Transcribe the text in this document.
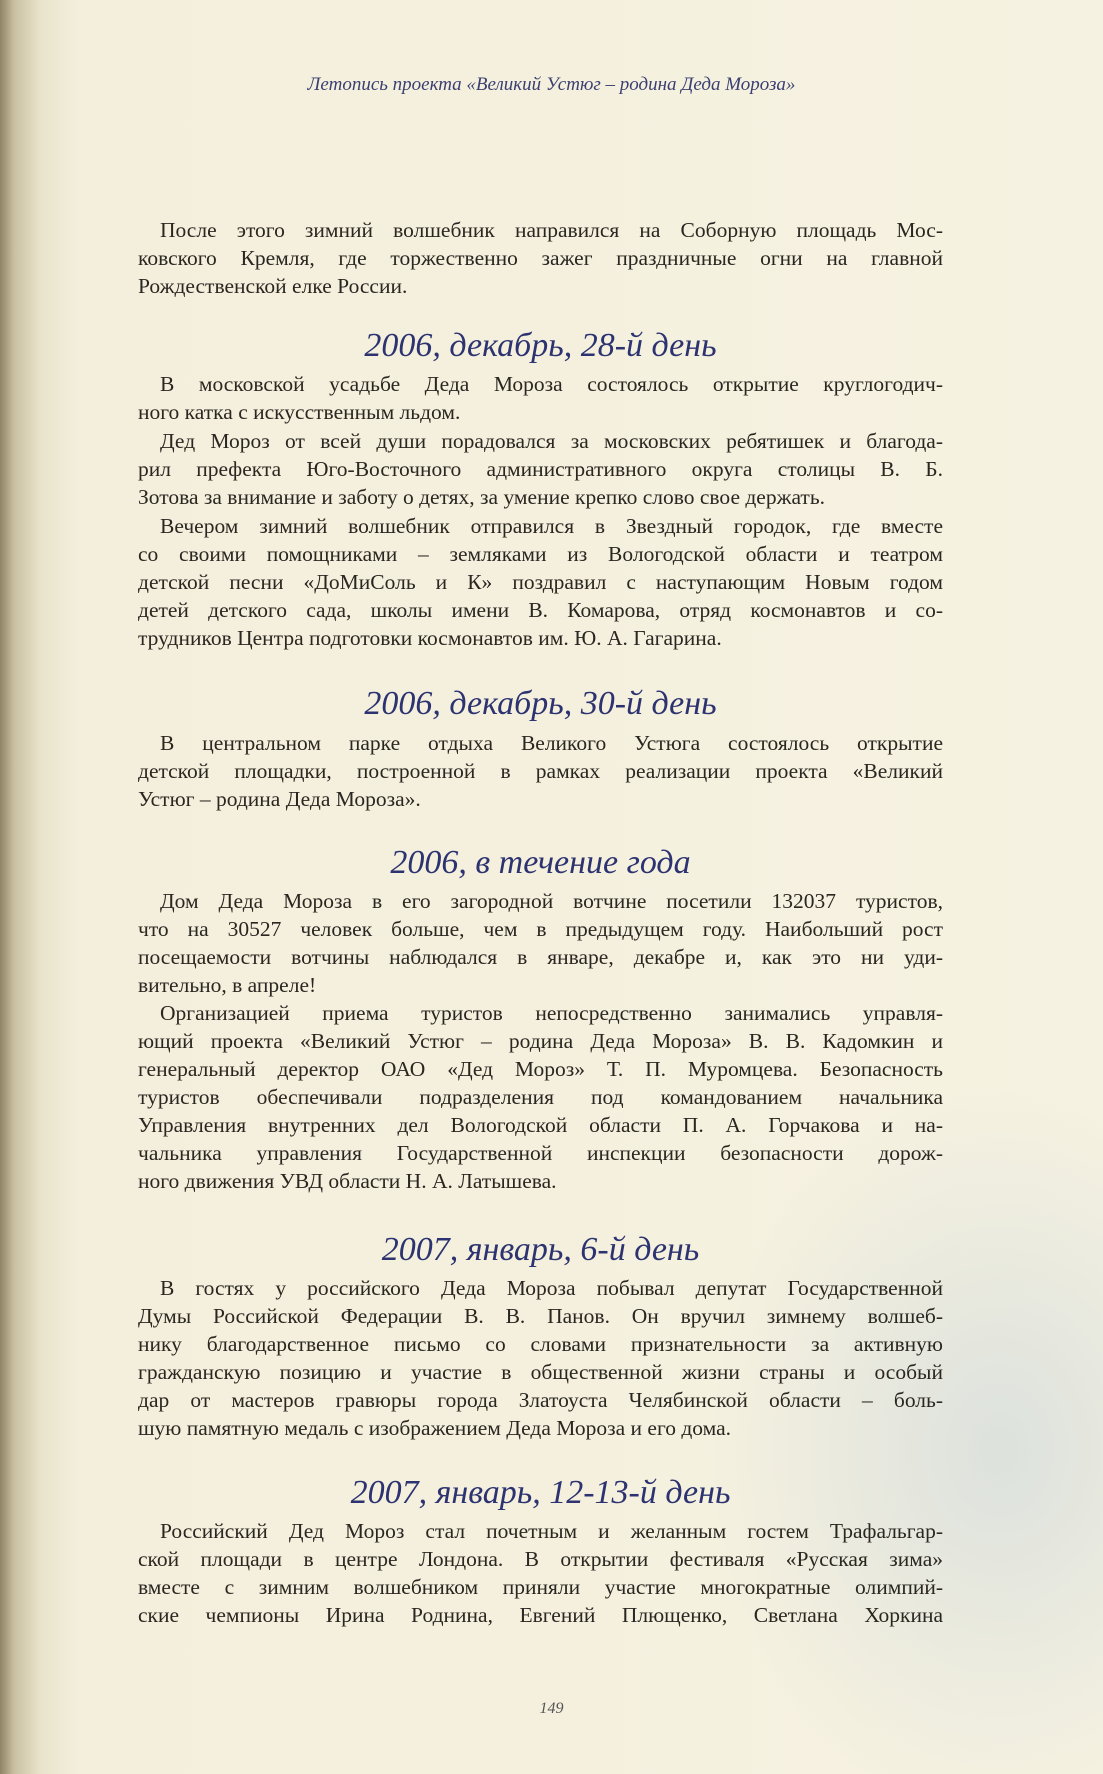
Летопись проекта «Великий Устюг – родина Деда Мороза»
После этого зимний волшебник направился на Соборную площадь Мос-
ковского Кремля, где торжественно зажег праздничные огни на главной
Рождественской елке России.
2006, декабрь, 28-й день
В московской усадьбе Деда Мороза состоялось открытие круглогодич-
ного катка с искусственным льдом.
Дед Мороз от всей души порадовался за московских ребятишек и благода-
рил префекта Юго-Восточного административного округа столицы В. Б.
Зотова за внимание и заботу о детях, за умение крепко слово свое держать.
Вечером зимний волшебник отправился в Звездный городок, где вместе
со своими помощниками – земляками из Вологодской области и театром
детской песни «ДоМиСоль и К» поздравил с наступающим Новым годом
детей детского сада, школы имени В. Комарова, отряд космонавтов и со-
трудников Центра подготовки космонавтов им. Ю. А. Гагарина.
2006, декабрь, 30-й день
В центральном парке отдыха Великого Устюга состоялось открытие
детской площадки, построенной в рамках реализации проекта «Великий
Устюг – родина Деда Мороза».
2006, в течение года
Дом Деда Мороза в его загородной вотчине посетили 132037 туристов,
что на 30527 человек больше, чем в предыдущем году. Наибольший рост
посещаемости вотчины наблюдался в январе, декабре и, как это ни уди-
вительно, в апреле!
Организацией приема туристов непосредственно занимались управля-
ющий проекта «Великий Устюг – родина Деда Мороза» В. В. Кадомкин и
генеральный деректор ОАО «Дед Мороз» Т. П. Муромцева. Безопасность
туристов обеспечивали подразделения под командованием начальника
Управления внутренних дел Вологодской области П. А. Горчакова и на-
чальника управления Государственной инспекции безопасности дорож-
ного движения УВД области Н. А. Латышева.
2007, январь, 6-й день
В гостях у российского Деда Мороза побывал депутат Государственной
Думы Российской Федерации В. В. Панов. Он вручил зимнему волшеб-
нику благодарственное письмо со словами признательности за активную
гражданскую позицию и участие в общественной жизни страны и особый
дар от мастеров гравюры города Златоуста Челябинской области – боль-
шую памятную медаль с изображением Деда Мороза и его дома.
2007, январь, 12-13-й день
Российский Дед Мороз стал почетным и желанным гостем Трафальгар-
ской площади в центре Лондона. В открытии фестиваля «Русская зима»
вместе с зимним волшебником приняли участие многократные олимпий-
ские чемпионы Ирина Роднина, Евгений Плющенко, Светлана Хоркина
149
